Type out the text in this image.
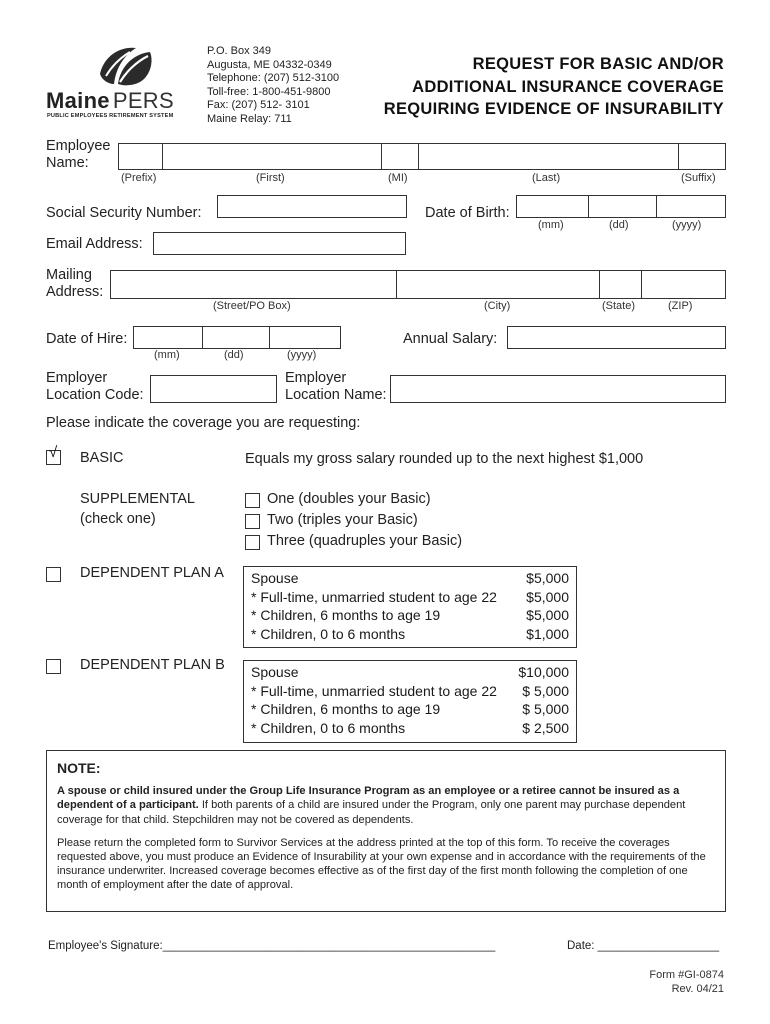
Maine PERS
PUBLIC EMPLOYEES RETIREMENT SYSTEM
P.O. Box 349
Augusta, ME 04332-0349
Telephone: (207) 512-3100
Toll-free: 1-800-451-9800
Fax: (207) 512- 3101
Maine Relay: 711
REQUEST FOR BASIC AND/OR
ADDITIONAL INSURANCE COVERAGE
REQUIRING EVIDENCE OF INSURABILITY
Employee
Name:
(Prefix)	(First)	(MI)	(Last)	(Suffix)
Social Security Number:	Date of Birth:
(mm)	(dd)	(yyyy)
Email Address:
Mailing
Address:
(Street/PO Box)	(City)	(State)	(ZIP)
Date of Hire:
(mm)	(dd)	(yyyy)
Annual Salary:
Employer
Location Code:
Employer
Location Name:
Please indicate the coverage you are requesting:
√ BASIC	Equals my gross salary rounded up to the next highest $1,000
SUPPLEMENTAL
(check one)
One (doubles your Basic)
Two (triples your Basic)
Three (quadruples your Basic)
DEPENDENT PLAN A Spouse	$5,000
* Full-time, unmarried student to age 22 $5,000
* Children, 6 months to age 19	$5,000
* Children, 0 to 6 months	$1,000
DEPENDENT PLAN B Spouse	$10,000
* Full-time, unmarried student to age 22 $ 5,000
* Children, 6 months to age 19	$ 5,000
* Children, 0 to 6 months	$ 2,500
NOTE:

A spouse or child insured under the Group Life Insurance Program as an employee or a retiree cannot be insured as a dependent of a participant. If both parents of a child are insured under the Program, only one parent may purchase dependent coverage for that child. Stepchildren may not be covered as dependents.

Please return the completed form to Survivor Services at the address printed at the top of this form. To receive the coverages requested above, you must produce an Evidence of Insurability at your own expense and in accordance with the requirements of the insurance underwriter. Increased coverage becomes effective as of the first day of the first month following the completion of one month of employment after the date of approval.

Employee's Signature:____________________________________________________	Date: ___________________
Form #GI-0874
Rev. 04/21
